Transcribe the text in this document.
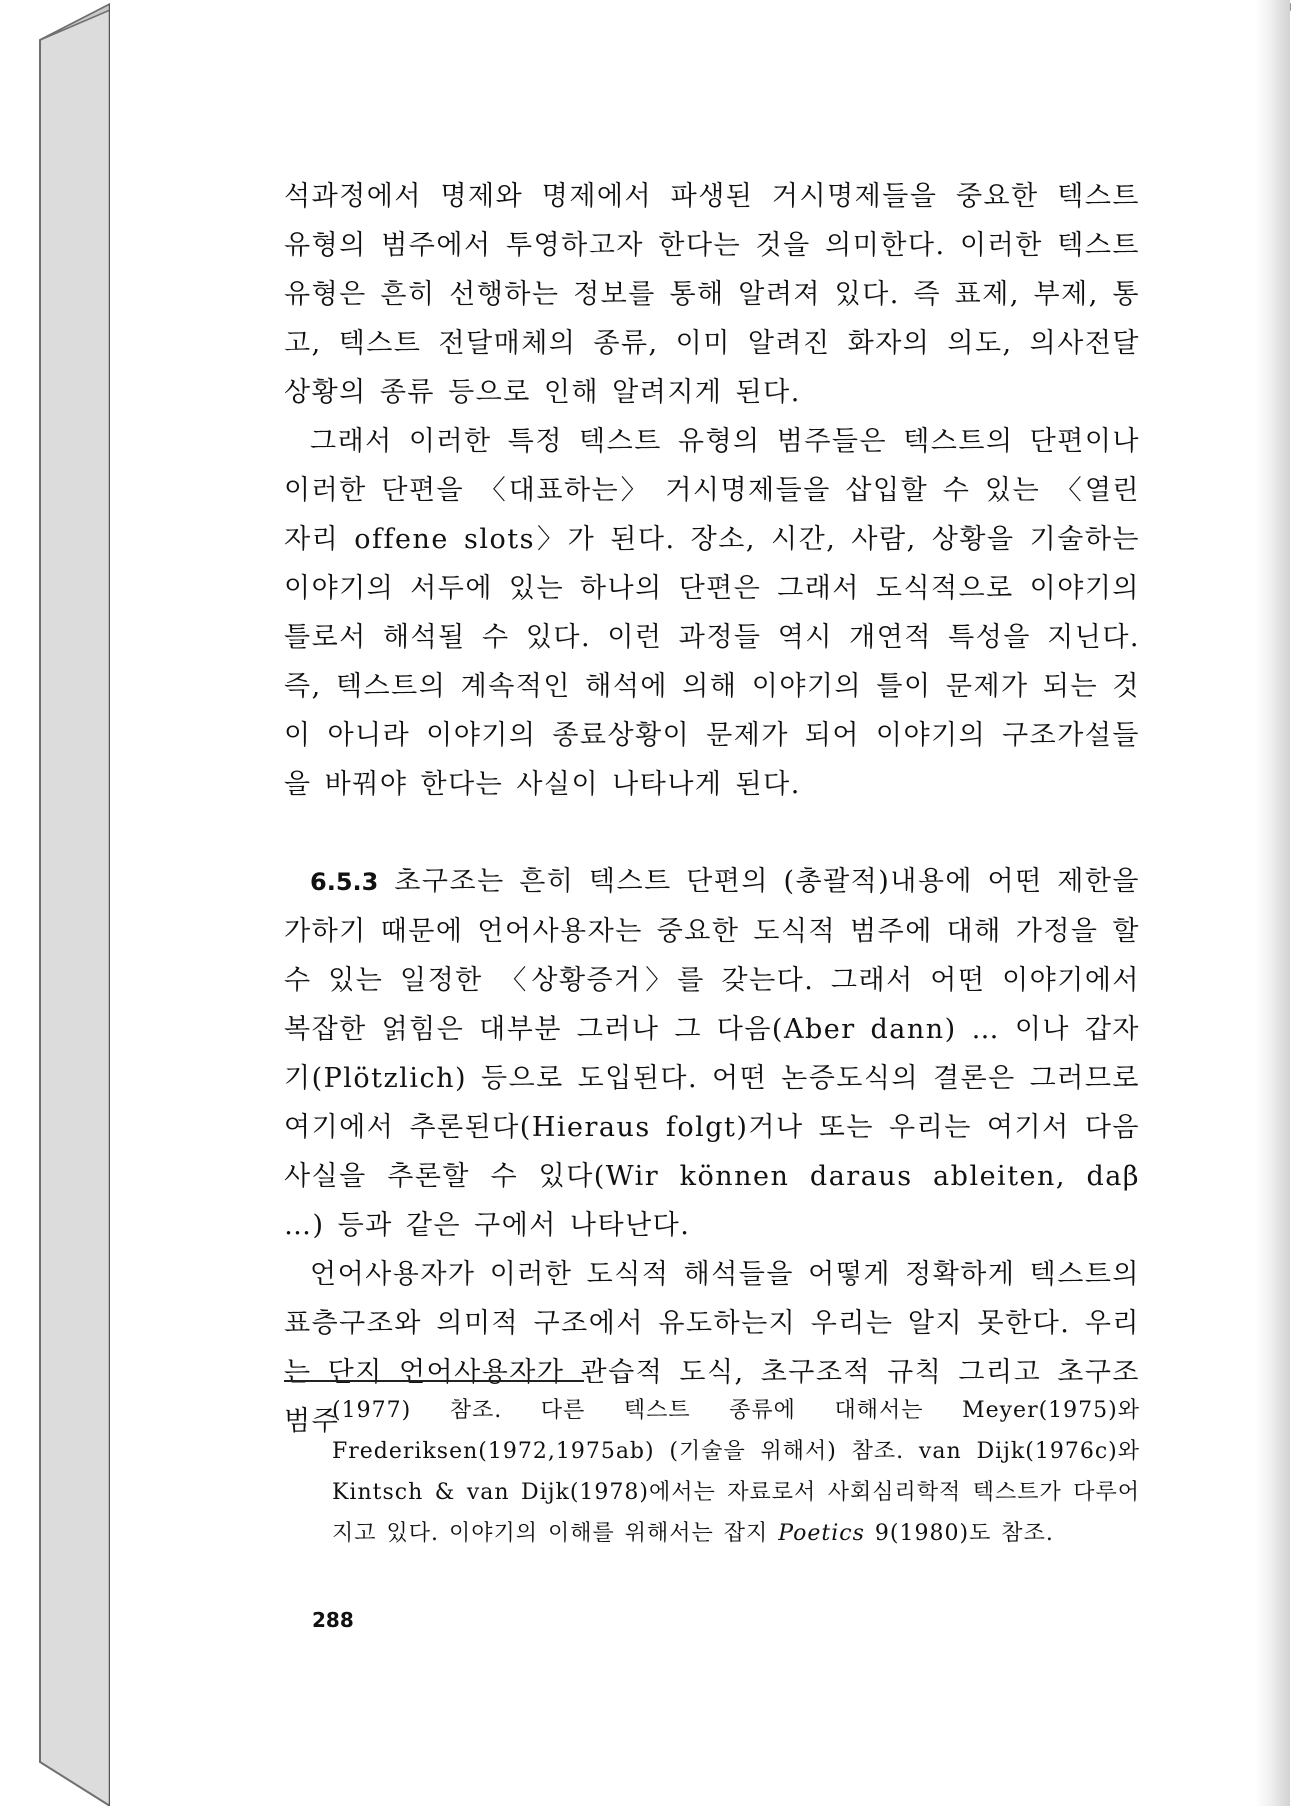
석과정에서 명제와 명제에서 파생된 거시명제들을 중요한 텍스트 유형의 범주에서 투영하고자 한다는 것을 의미한다. 이러한 텍스트 유형은 흔히 선행하는 정보를 통해 알려져 있다. 즉 표제, 부제, 통고, 텍스트 전달매체의 종류, 이미 알려진 화자의 의도, 의사전달 상황의 종류 등으로 인해 알려지게 된다.

그래서 이러한 특정 텍스트 유형의 범주들은 텍스트의 단편이나 이러한 단편을 〈대표하는〉 거시명제들을 삽입할 수 있는 〈열린 자리 offene slots〉가 된다. 장소, 시간, 사람, 상황을 기술하는 이야기의 서두에 있는 하나의 단편은 그래서 도식적으로 이야기의 틀로서 해석될 수 있다. 이런 과정들 역시 개연적 특성을 지닌다. 즉, 텍스트의 계속적인 해석에 의해 이야기의 틀이 문제가 되는 것이 아니라 이야기의 종료상황이 문제가 되어 이야기의 구조가설들을 바꿔야 한다는 사실이 나타나게 된다.

6.5.3 초구조는 흔히 텍스트 단편의 (총괄적)내용에 어떤 제한을 가하기 때문에 언어사용자는 중요한 도식적 범주에 대해 가정을 할 수 있는 일정한 〈상황증거〉를 갖는다. 그래서 어떤 이야기에서 복잡한 얽힘은 대부분 그러나 그 다음(Aber dann) … 이나 갑자기(Plötzlich) 등으로 도입된다. 어떤 논증도식의 결론은 그러므로 여기에서 추론된다(Hieraus folgt)거나 또는 우리는 여기서 다음 사실을 추론할 수 있다(Wir können daraus ableiten, daβ …) 등과 같은 구에서 나타난다.

언어사용자가 이러한 도식적 해석들을 어떻게 정확하게 텍스트의 표층구조와 의미적 구조에서 유도하는지 우리는 알지 못한다. 우리는 단지 언어사용자가 관습적 도식, 초구조적 규칙 그리고 초구조 범주

(1977) 참조. 다른 텍스트 종류에 대해서는 Meyer(1975)와 Frederiksen(1972,1975ab) (기술을 위해서) 참조. van Dijk(1976c)와 Kintsch & van Dijk(1978)에서는 자료로서 사회심리학적 텍스트가 다루어지고 있다. 이야기의 이해를 위해서는 잡지 Poetics 9(1980)도 참조.

288
